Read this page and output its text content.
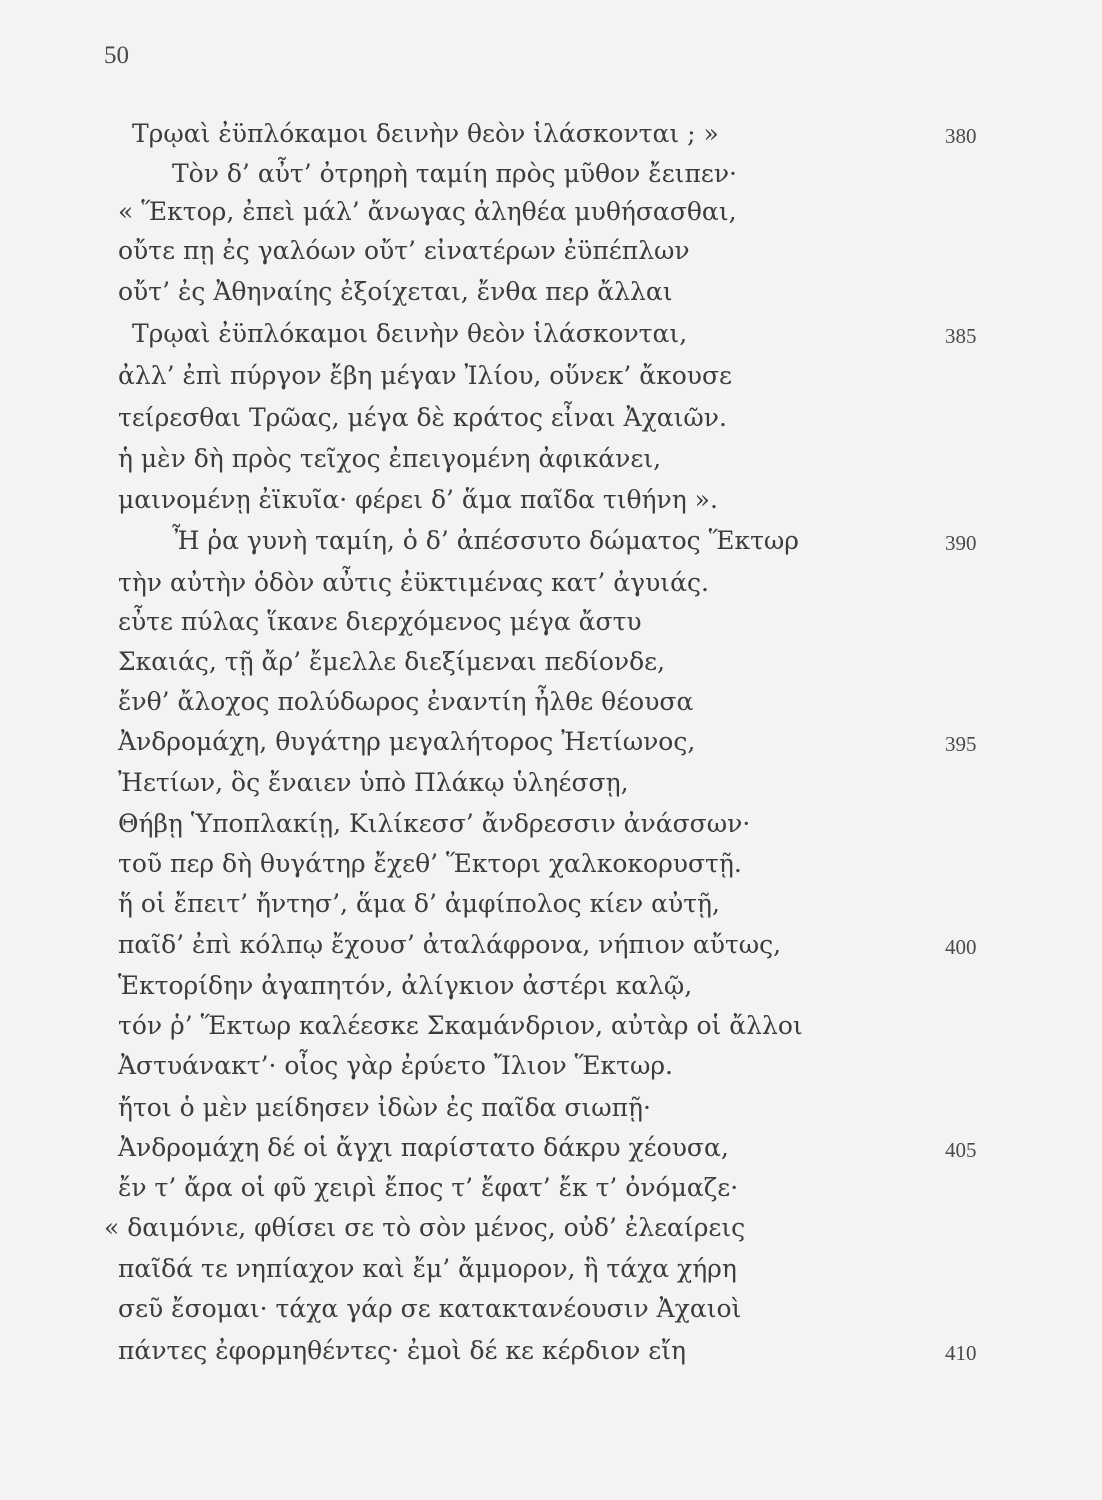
50
Τρῳαὶ ἐϋπλόκαμοι δεινὴν θεὸν ἱλάσκονται ; »	380
Τὸν δ’ αὖτ’ ὀτρηρὴ ταμίη πρὸς μῦθον ἔειπεν·
« Ἕκτορ, ἐπεὶ μάλ’ ἄνωγας ἀληθέα μυθήσασθαι,
οὔτε πῃ ἐς γαλόων οὔτ’ εἰνατέρων ἐϋπέπλων
οὔτ’ ἐς Ἀθηναίης ἐξοίχεται, ἔνθα περ ἄλλαι
Τρῳαὶ ἐϋπλόκαμοι δεινὴν θεὸν ἱλάσκονται,	385
ἀλλ’ ἐπὶ πύργον ἔβη μέγαν Ἰλίου, οὕνεκ’ ἄκουσε
τείρεσθαι Τρῶας, μέγα δὲ κράτος εἶναι Ἀχαιῶν.
ἡ μὲν δὴ πρὸς τεῖχος ἐπειγομένη ἀφικάνει,
μαινομένῃ ἐϊκυῖα· φέρει δ’ ἅμα παῖδα τιθήνη ».
Ἦ ῥα γυνὴ ταμίη, ὁ δ’ ἀπέσσυτο δώματος Ἕκτωρ	390
τὴν αὐτὴν ὁδὸν αὖτις ἐϋκτιμένας κατ’ ἀγυιάς.
εὖτε πύλας ἵκανε διερχόμενος μέγα ἄστυ
Σκαιάς, τῇ ἄρ’ ἔμελλε διεξίμεναι πεδίονδε,
ἔνθ’ ἄλοχος πολύδωρος ἐναντίη ἦλθε θέουσα
Ἀνδρομάχη, θυγάτηρ μεγαλήτορος Ἠετίωνος,	395
Ἠετίων, ὃς ἔναιεν ὑπὸ Πλάκῳ ὑληέσσῃ,
Θήβῃ Ὑποπλακίῃ, Κιλίκεσσ’ ἄνδρεσσιν ἀνάσσων·
τοῦ περ δὴ θυγάτηρ ἔχεθ’ Ἕκτορι χαλκοκορυστῇ.
ἥ οἱ ἔπειτ’ ἤντησ’, ἅμα δ’ ἀμφίπολος κίεν αὐτῇ,
παῖδ’ ἐπὶ κόλπῳ ἔχουσ’ ἀταλάφρονα, νήπιον αὔτως,	400
Ἑκτορίδην ἀγαπητόν, ἀλίγκιον ἀστέρι καλῷ,
τόν ῥ’ Ἕκτωρ καλέεσκε Σκαμάνδριον, αὐτὰρ οἱ ἄλλοι
Ἀστυάνακτ’· οἶος γὰρ ἐρύετο Ἴλιον Ἕκτωρ.
ἤτοι ὁ μὲν μείδησεν ἰδὼν ἐς παῖδα σιωπῇ·
Ἀνδρομάχη δέ οἱ ἄγχι παρίστατο δάκρυ χέουσα,	405
ἔν τ’ ἄρα οἱ φῦ χειρὶ ἔπος τ’ ἔφατ’ ἔκ τ’ ὀνόμαζε·
« δαιμόνιε, φθίσει σε τὸ σὸν μένος, οὐδ’ ἐλεαίρεις
παῖδά τε νηπίαχον καὶ ἔμ’ ἄμμορον, ἣ τάχα χήρη
σεῦ ἔσομαι· τάχα γάρ σε κατακτανέουσιν Ἀχαιοὶ
πάντες ἐφορμηθέντες· ἐμοὶ δέ κε κέρδιον εἴη	410
